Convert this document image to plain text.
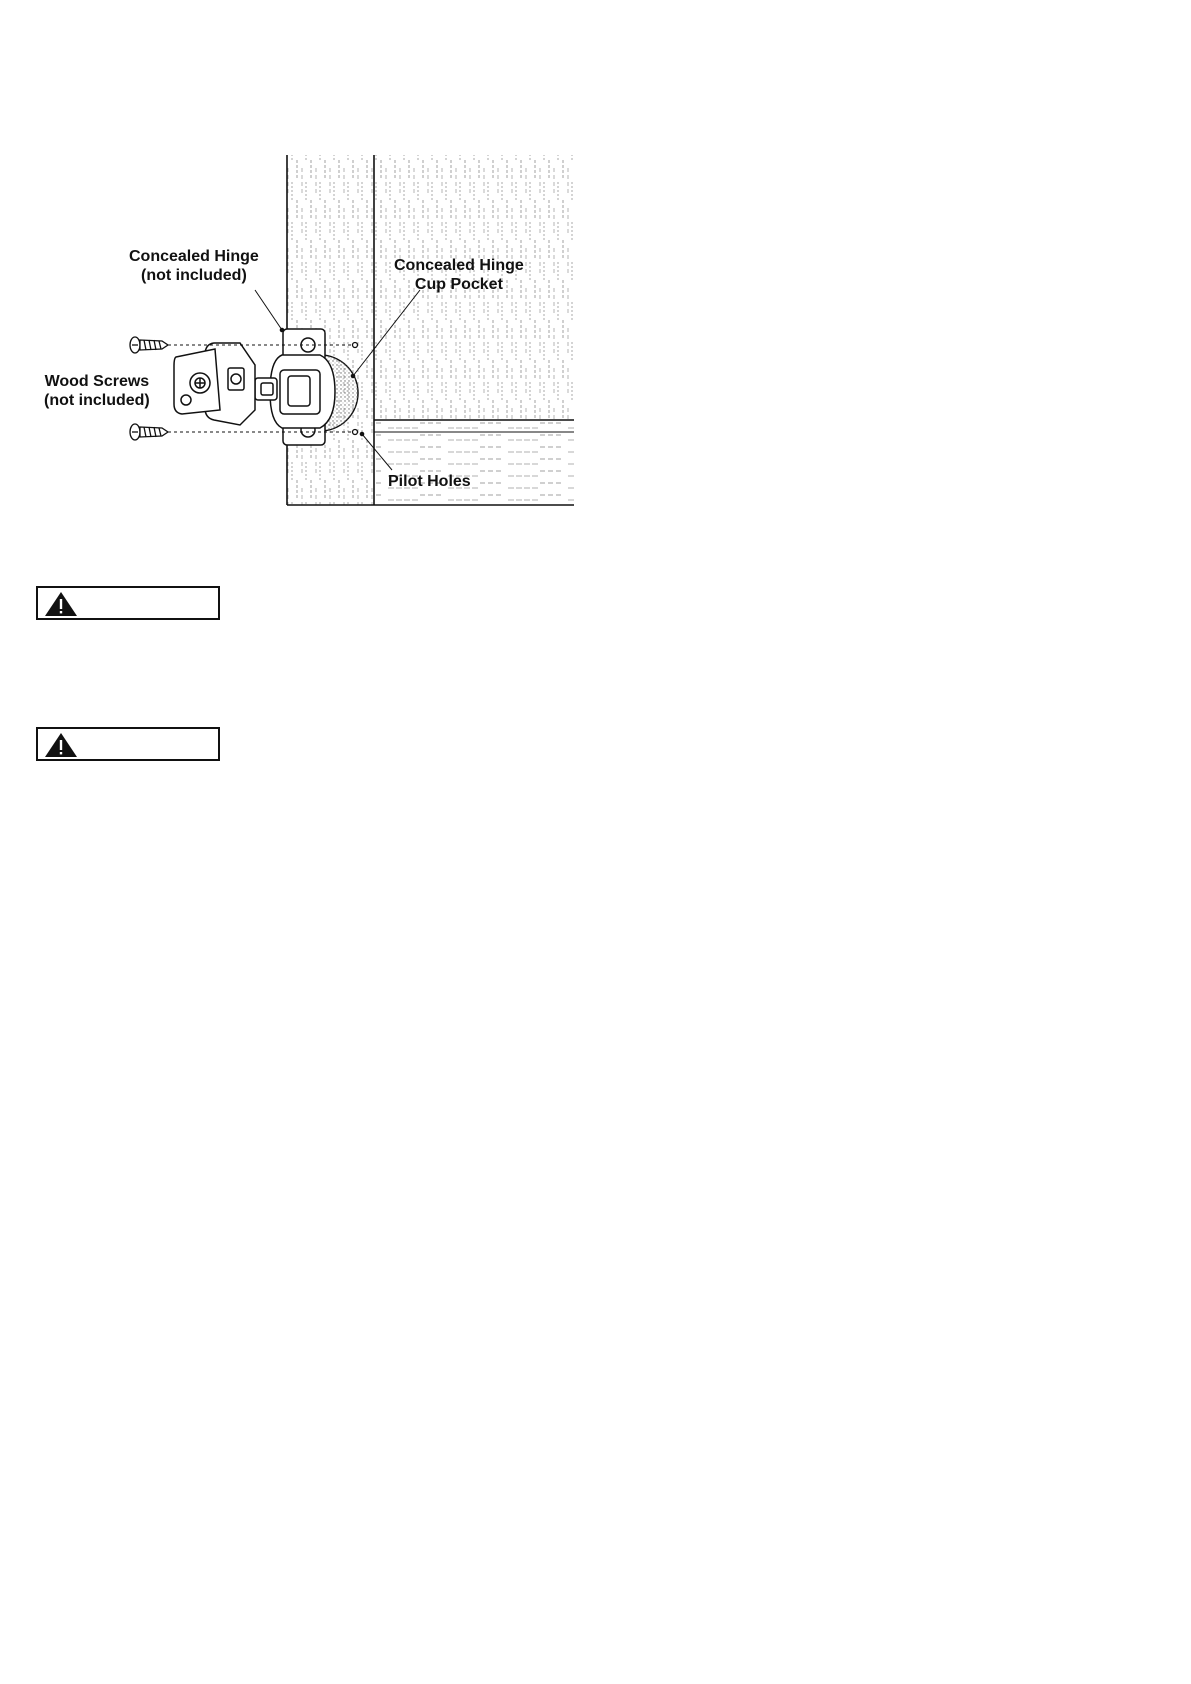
Concealed Hinge
(not included)
Concealed Hinge
Cup Pocket
Wood Screws
(not included)
Pilot Holes
